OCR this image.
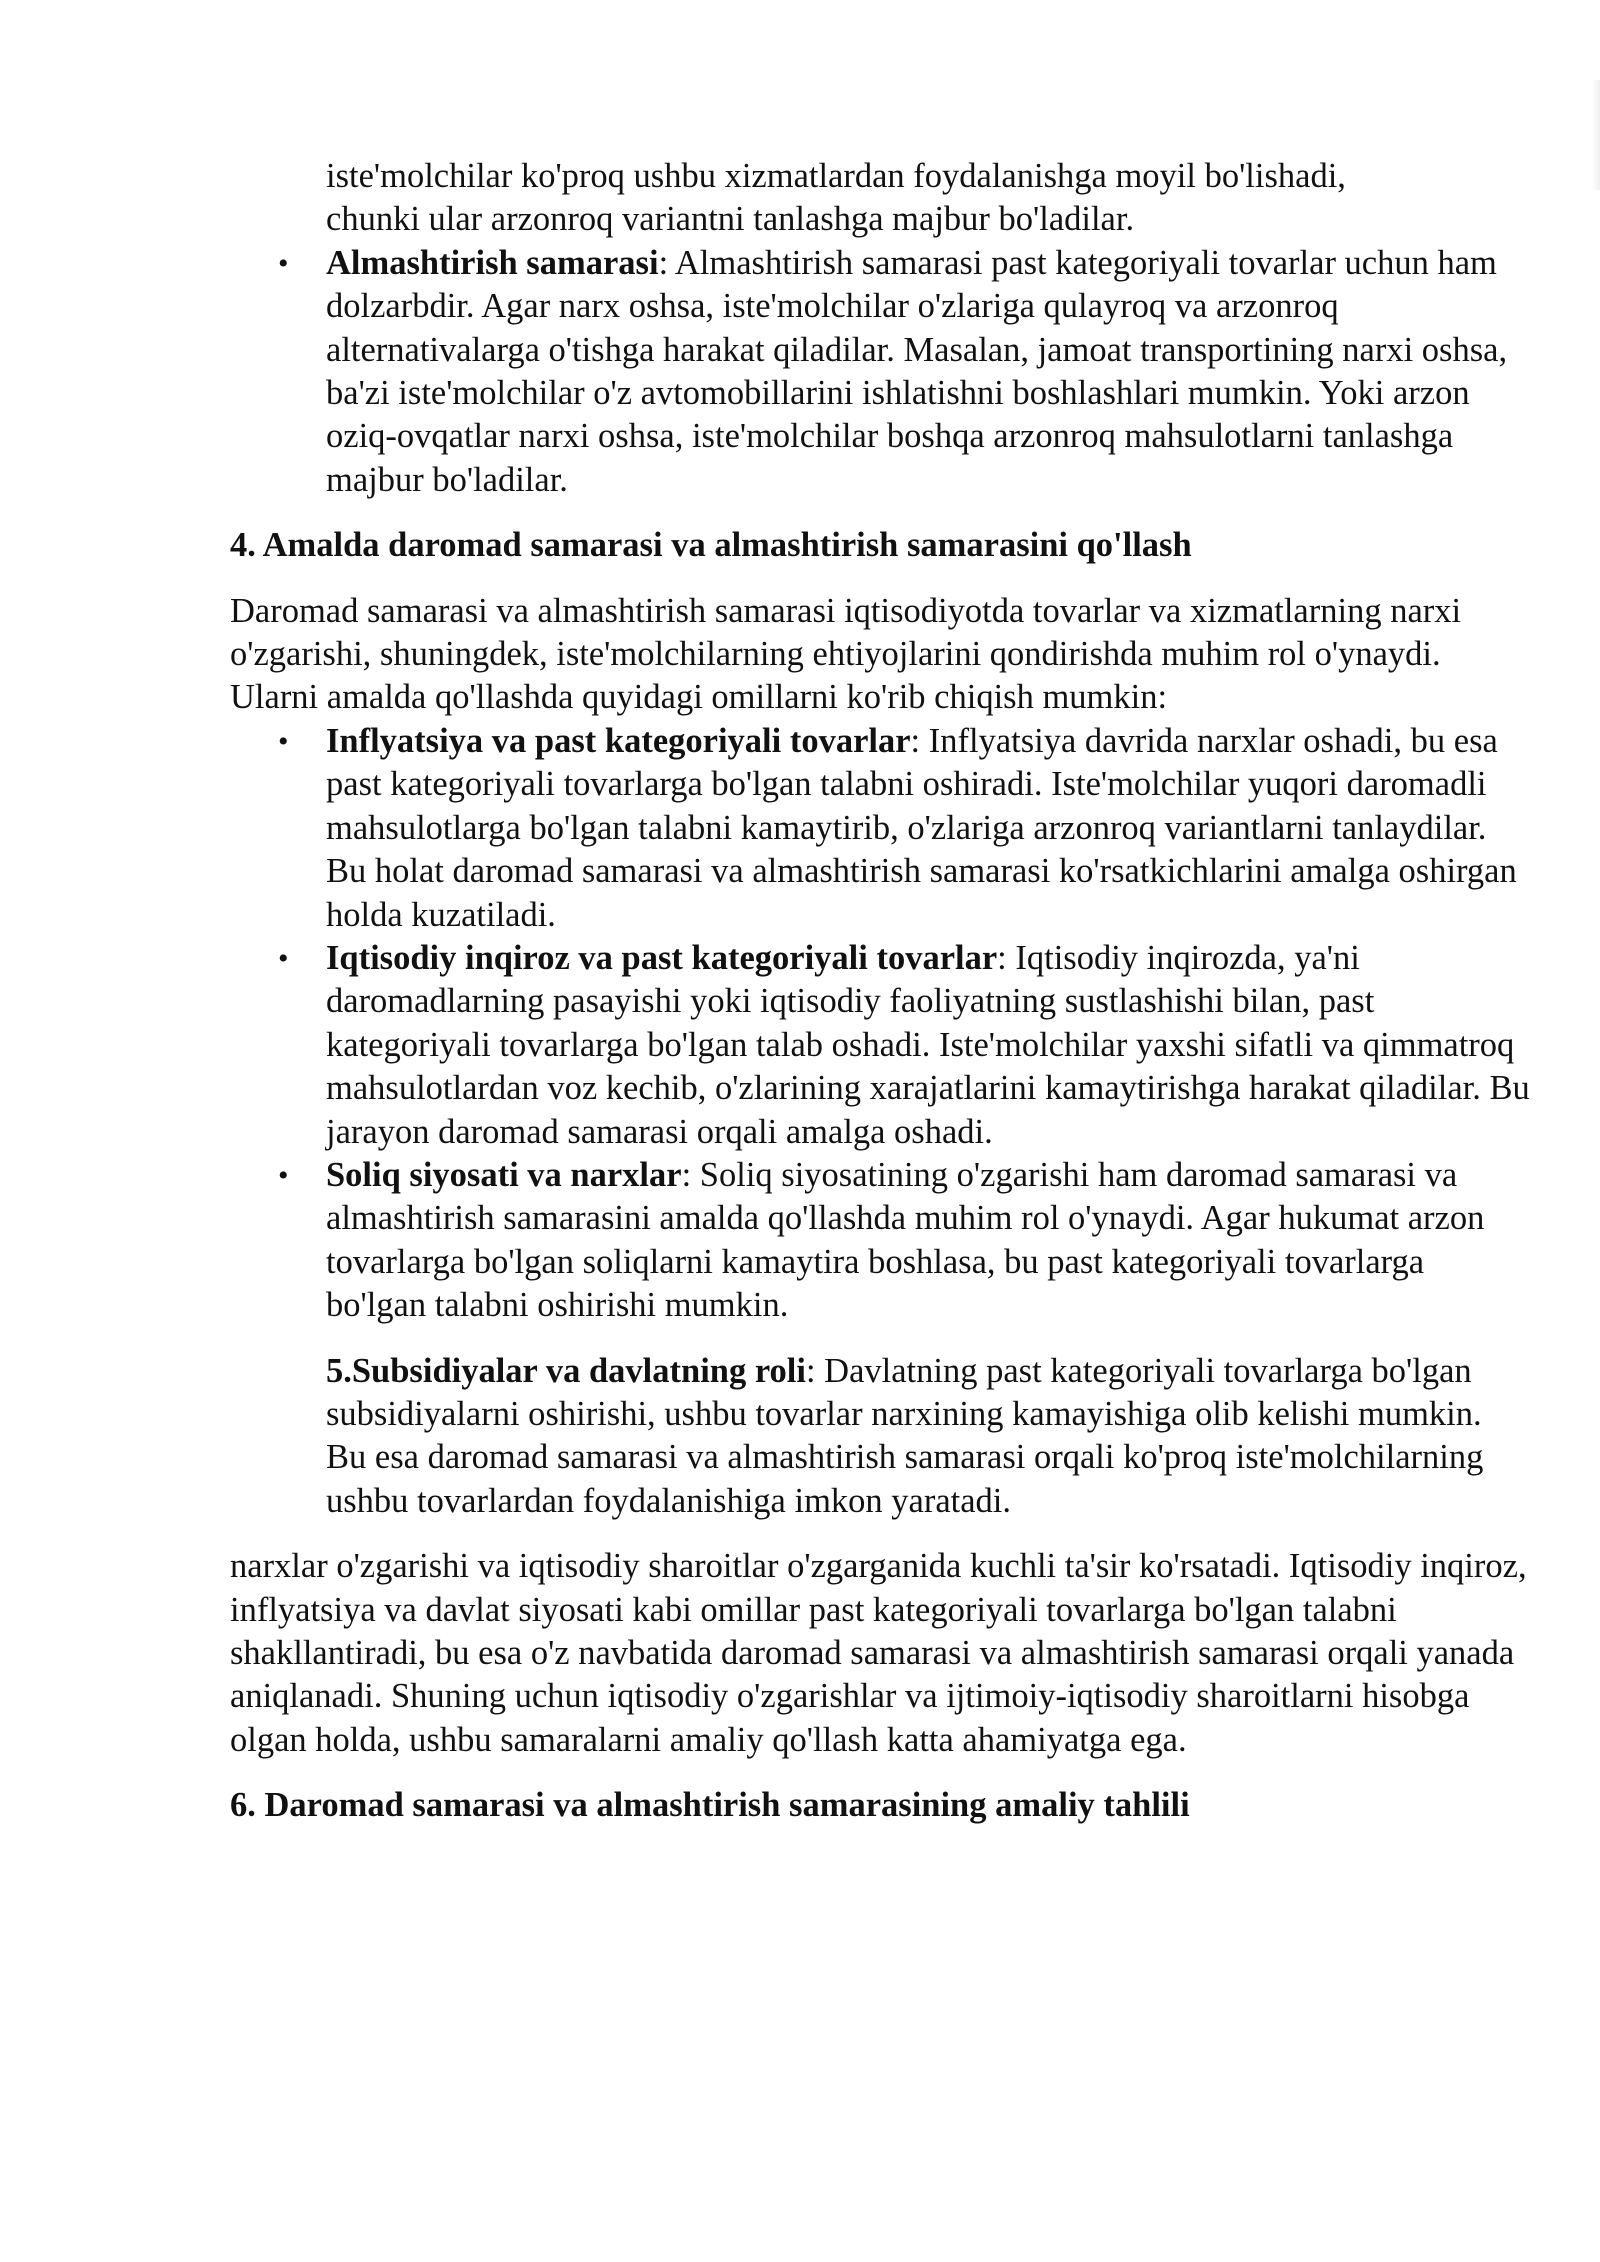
iste'molchilar ko'proq ushbu xizmatlardan foydalanishga moyil bo'lishadi,
chunki ular arzonroq variantni tanlashga majbur bo'ladilar.
• Almashtirish samarasi: Almashtirish samarasi past kategoriyali tovarlar uchun ham dolzarbdir. Agar narx oshsa, iste'molchilar o'zlariga qulayroq va arzonroq alternativalarga o'tishga harakat qiladilar. Masalan, jamoat transportining narxi oshsa, ba'zi iste'molchilar o'z avtomobillarini ishlatishni boshlashlari mumkin. Yoki arzon oziq-ovqatlar narxi oshsa, iste'molchilar boshqa arzonroq mahsulotlarni tanlashga majbur bo'ladilar.
4. Amalda daromad samarasi va almashtirish samarasini qo'llash

Daromad samarasi va almashtirish samarasi iqtisodiyotda tovarlar va xizmatlarning narxi o'zgarishi, shuningdek, iste'molchilarning ehtiyojlarini qondirishda muhim rol o'ynaydi. Ularni amalda qo'llashda quyidagi omillarni ko'rib chiqish mumkin:

• Inflyatsiya va past kategoriyali tovarlar: Inflyatsiya davrida narxlar oshadi, bu esa past kategoriyali tovarlarga bo'lgan talabni oshiradi. Iste'molchilar yuqori daromadli mahsulotlarga bo'lgan talabni kamaytirib, o'zlariga arzonroq variantlarni tanlaydilar. Bu holat daromad samarasi va almashtirish samarasi ko'rsatkichlarini amalga oshirgan holda kuzatiladi.
• Iqtisodiy inqiroz va past kategoriyali tovarlar: Iqtisodiy inqirozda, ya'ni daromadlarning pasayishi yoki iqtisodiy faoliyatning sustlashishi bilan, past kategoriyali tovarlarga bo'lgan talab oshadi. Iste'molchilar yaxshi sifatli va qimmatroq mahsulotlardan voz kechib, o'zlarining xarajatlarini kamaytirishga harakat qiladilar. Bu jarayon daromad samarasi orqali amalga oshadi.
• Soliq siyosati va narxlar: Soliq siyosatining o'zgarishi ham daromad samarasi va almashtirish samarasini amalda qo'llashda muhim rol o'ynaydi. Agar hukumat arzon tovarlarga bo'lgan soliqlarni kamaytira boshlasa, bu past kategoriyali tovarlarga bo'lgan talabni oshirishi mumkin.

5.Subsidiyalar va davlatning roli: Davlatning past kategoriyali tovarlarga bo'lgan subsidiyalarni oshirishi, ushbu tovarlar narxining kamayishiga olib kelishi mumkin. Bu esa daromad samarasi va almashtirish samarasi orqali ko'proq iste'molchilarning ushbu tovarlardan foydalanishiga imkon yaratadi.

narxlar o'zgarishi va iqtisodiy sharoitlar o'zgarganida kuchli ta'sir ko'rsatadi. Iqtisodiy inqiroz, inflyatsiya va davlat siyosati kabi omillar past kategoriyali tovarlarga bo'lgan talabni shakllantiradi, bu esa o'z navbatida daromad samarasi va almashtirish samarasi orqali yanada aniqlanadi. Shuning uchun iqtisodiy o'zgarishlar va ijtimoiy-iqtisodiy sharoitlarni hisobga olgan holda, ushbu samaralarni amaliy qo'llash katta ahamiyatga ega.

6. Daromad samarasi va almashtirish samarasining amaliy tahlili
